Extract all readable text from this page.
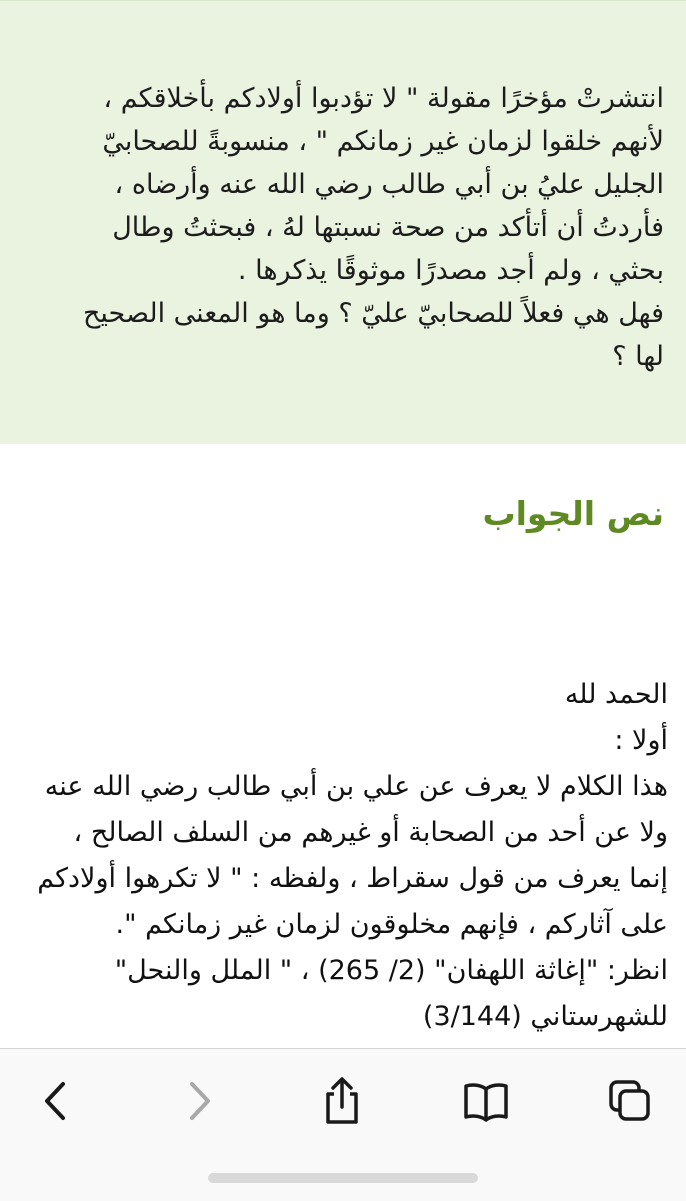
انتشرتْ مؤخرًا مقولة " لا تؤدبوا أولادكم بأخلاقكم ،
لأنهم خلقوا لزمان غير زمانكم " ، منسوبةً للصحابيّ
الجليل عليُ بن أبي طالب رضي الله عنه وأرضاه ،
فأردتُ أن أتأكد من صحة نسبتها لهُ ، فبحثتُ وطال
بحثي ، ولم أجد مصدرًا موثوقًا يذكرها .
فهل هي فعلاً للصحابيّ عليّ ؟ وما هو المعنى الصحيح
لها ؟
نص الجواب
الحمد لله
أولا :
هذا الكلام لا يعرف عن علي بن أبي طالب رضي الله عنه
ولا عن أحد من الصحابة أو غيرهم من السلف الصالح ،
إنما يعرف من قول سقراط ، ولفظه : " لا تكرهوا أولادكم
على آثاركم ، فإنهم مخلوقون لزمان غير زمانكم ".
انظر: "إغاثة اللهفان" (2/ 265) ، " الملل والنحل"
للشهرستاني (3/144)
